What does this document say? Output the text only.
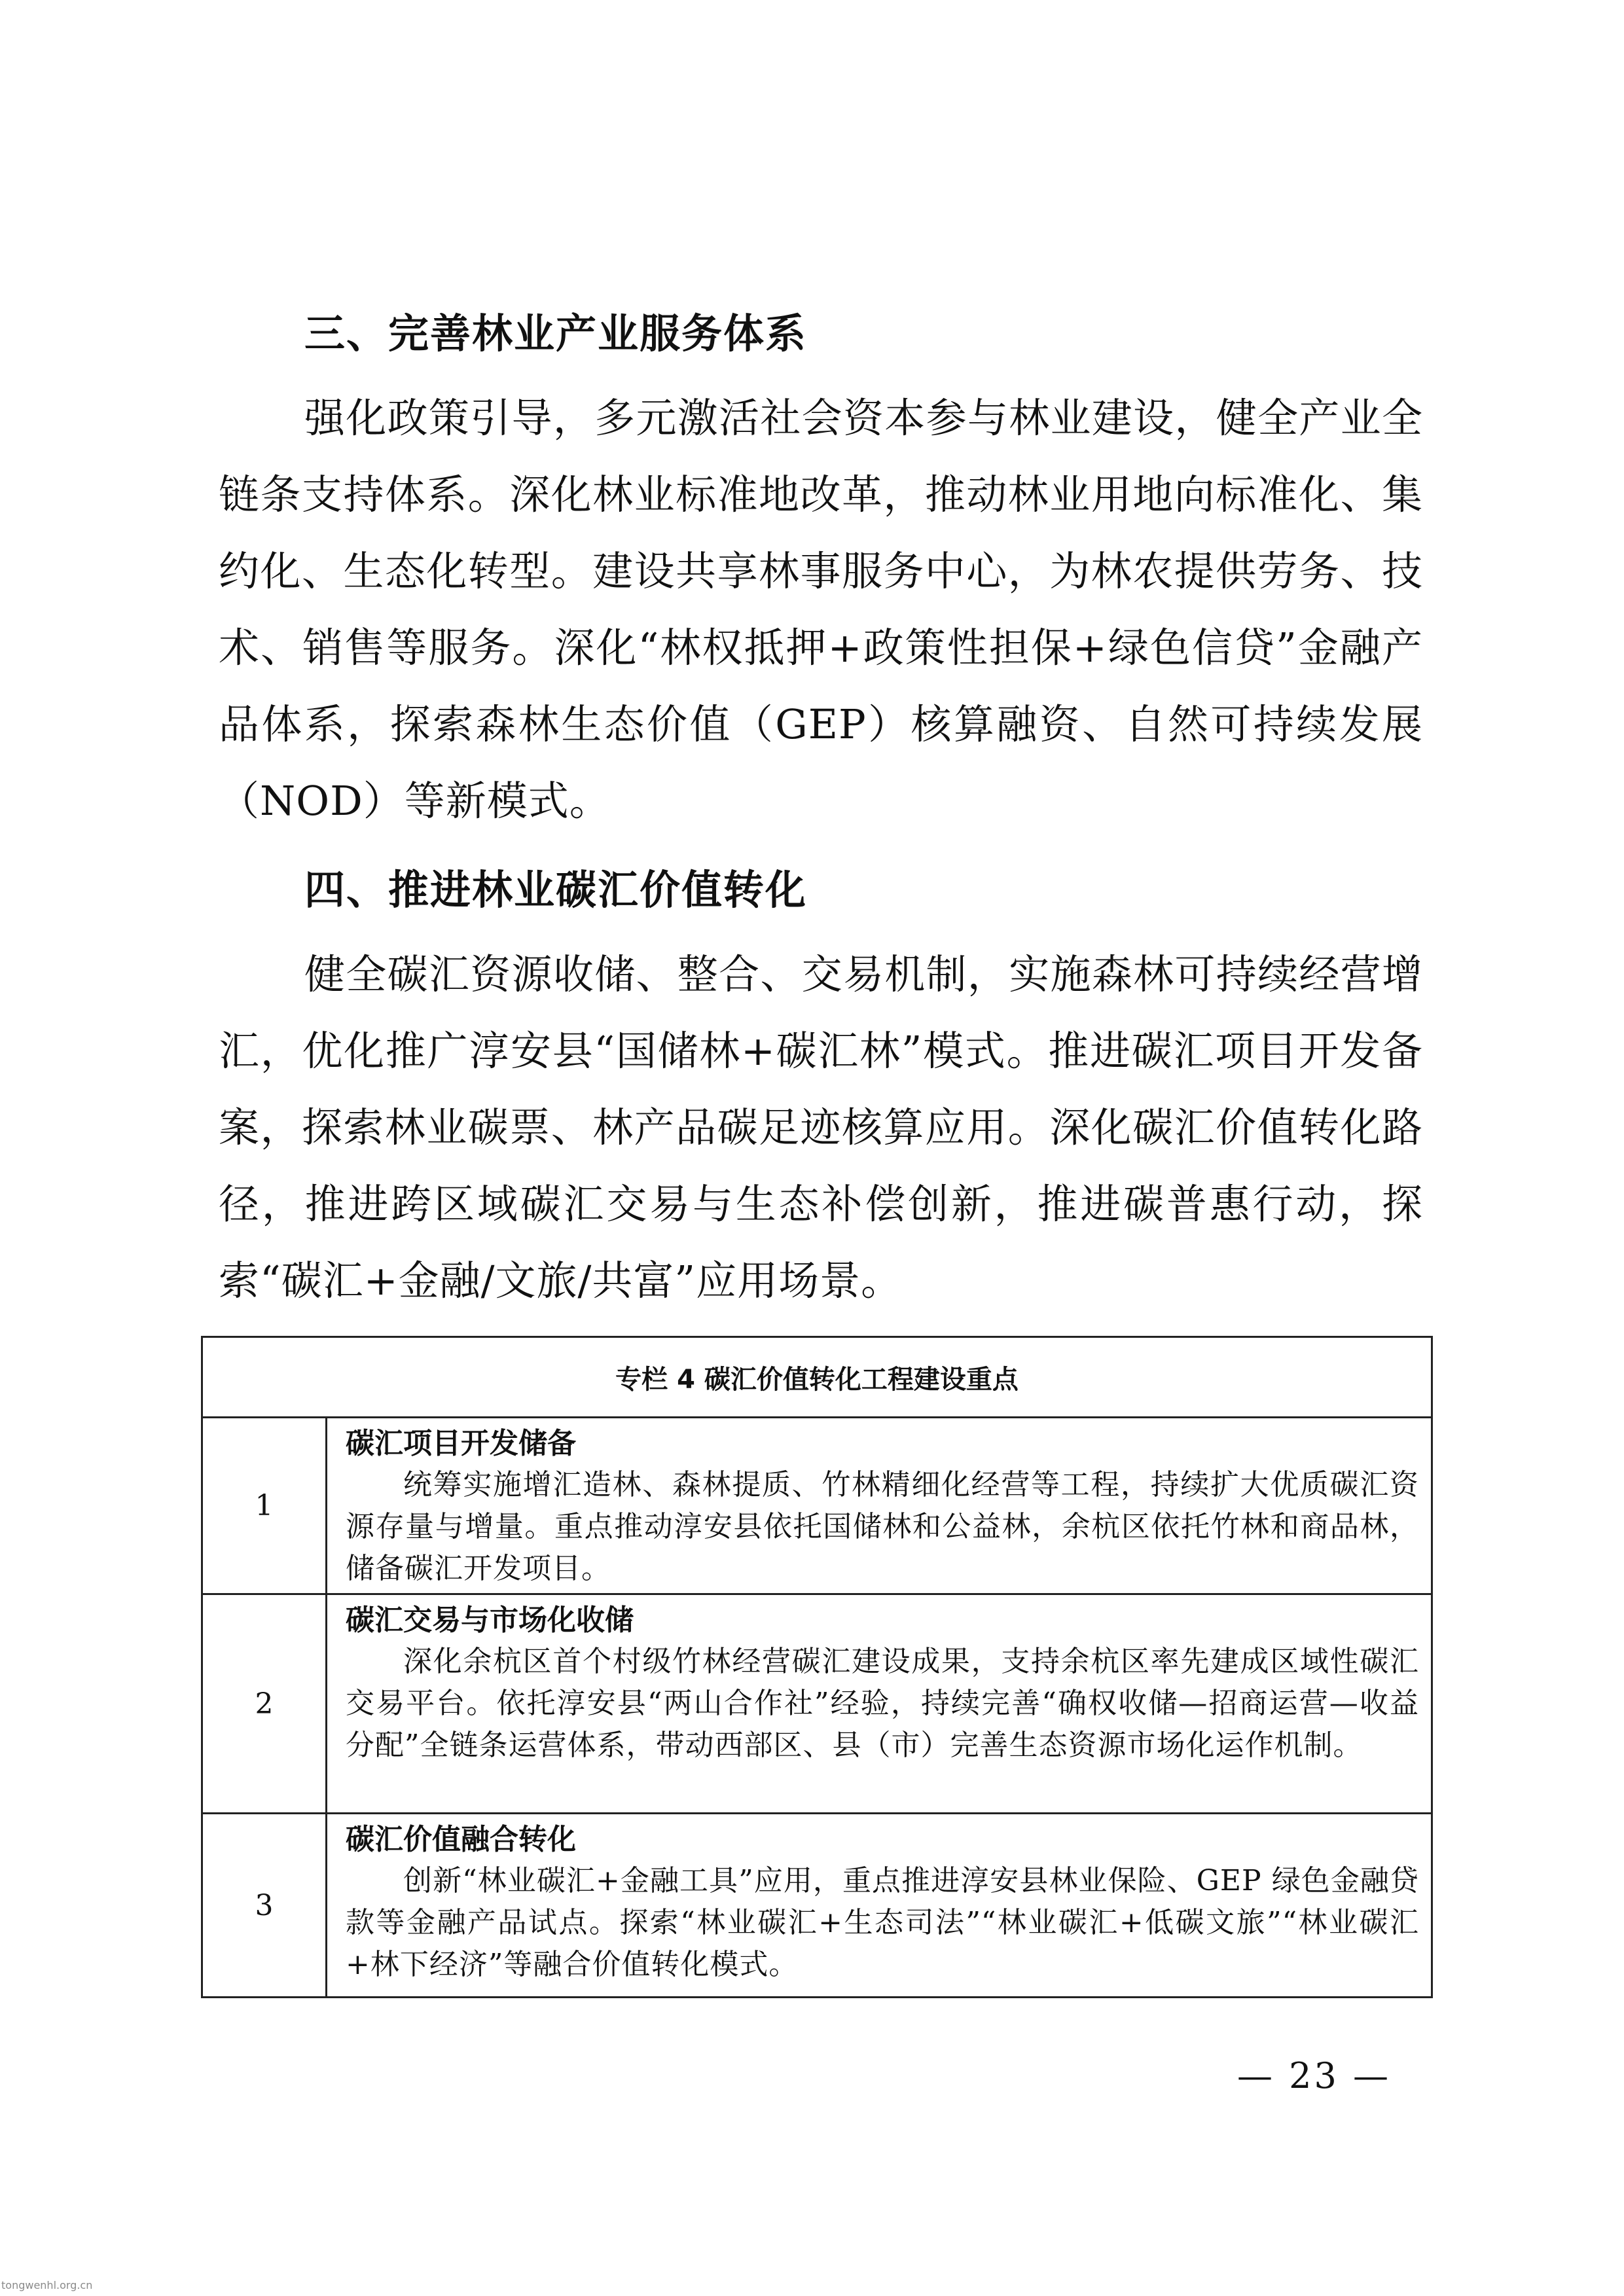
三、完善林业产业服务体系
强化政策引导，多元激活社会资本参与林业建设，健全产业全链条支持体系。深化林业标准地改革，推动林业用地向标准化、集约化、生态化转型。建设共享林事服务中心，为林农提供劳务、技术、销售等服务。深化“林权抵押+政策性担保+绿色信贷”金融产品体系，探索森林生态价值（GEP）核算融资、自然可持续发展（NOD）等新模式。
四、推进林业碳汇价值转化
健全碳汇资源收储、整合、交易机制，实施森林可持续经营增汇，优化推广淳安县“国储林+碳汇林”模式。推进碳汇项目开发备案，探索林业碳票、林产品碳足迹核算应用。深化碳汇价值转化路径，推进跨区域碳汇交易与生态补偿创新，推进碳普惠行动，探索“碳汇+金融/文旅/共富”应用场景。
专栏 4 碳汇价值转化工程建设重点
1
碳汇项目开发储备
统筹实施增汇造林、森林提质、竹林精细化经营等工程，持续扩大优质碳汇资源存量与增量。重点推动淳安县依托国储林和公益林，余杭区依托竹林和商品林，储备碳汇开发项目。
2
碳汇交易与市场化收储
深化余杭区首个村级竹林经营碳汇建设成果，支持余杭区率先建成区域性碳汇交易平台。依托淳安县“两山合作社”经验，持续完善“确权收储—招商运营—收益分配”全链条运营体系，带动西部区、县（市）完善生态资源市场化运作机制。
3
碳汇价值融合转化
创新“林业碳汇+金融工具”应用，重点推进淳安县林业保险、GEP 绿色金融贷款等金融产品试点。探索“林业碳汇+生态司法”“林业碳汇+低碳文旅”“林业碳汇+林下经济”等融合价值转化模式。
— 23 —
tongwenhl.org.cn
